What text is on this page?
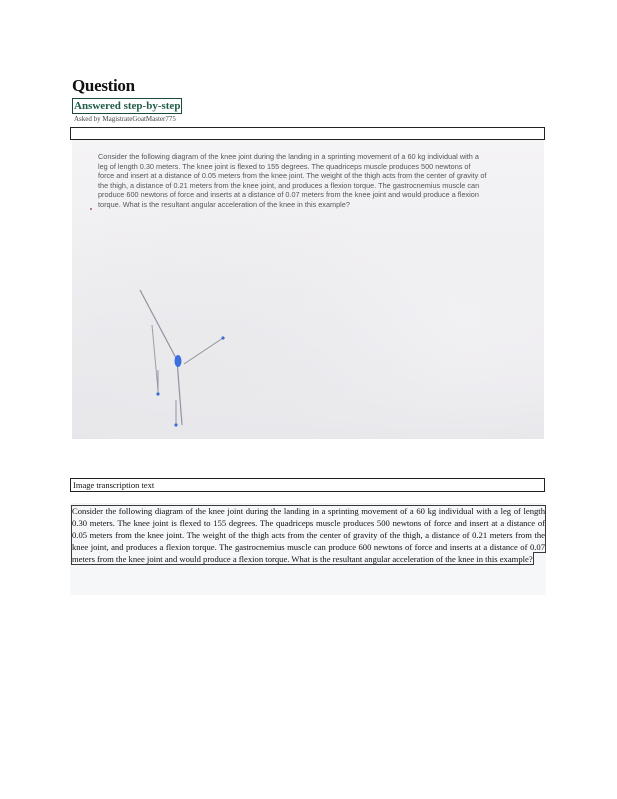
Question
Answered step-by-step
Asked by MagistrateGoatMaster775
Consider the following diagram of the knee joint during the landing in a sprinting movement of a 60 kg individual with a leg of length 0.30 meters. The knee joint is flexed to 155 degrees. The quadriceps muscle produces 500 newtons of force and insert at a distance of 0.05 meters from the knee joint. The weight of the thigh acts from the center of gravity of the thigh, a distance of 0.21 meters from the knee joint, and produces a flexion torque. The gastrocnemius muscle can produce 600 newtons of force and inserts at a distance of 0.07 meters from the knee joint and would produce a flexion torque. What is the resultant angular acceleration of the knee in this example?
Image transcription text
Consider the following diagram of the knee joint during the landing in a sprinting movement of a 60 kg individual with a leg of length 0.30 meters. The knee joint is flexed to 155 degrees. The quadriceps muscle produces 500 newtons of force and insert at a distance of 0.05 meters from the knee joint. The weight of the thigh acts from the center of gravity of the thigh, a distance of 0.21 meters from the knee joint, and produces a flexion torque. The gastrocnemius muscle can produce 600 newtons of force and inserts at a distance of 0.07 meters from the knee joint and would produce a flexion torque. What is the resultant angular acceleration of the knee in this example?
